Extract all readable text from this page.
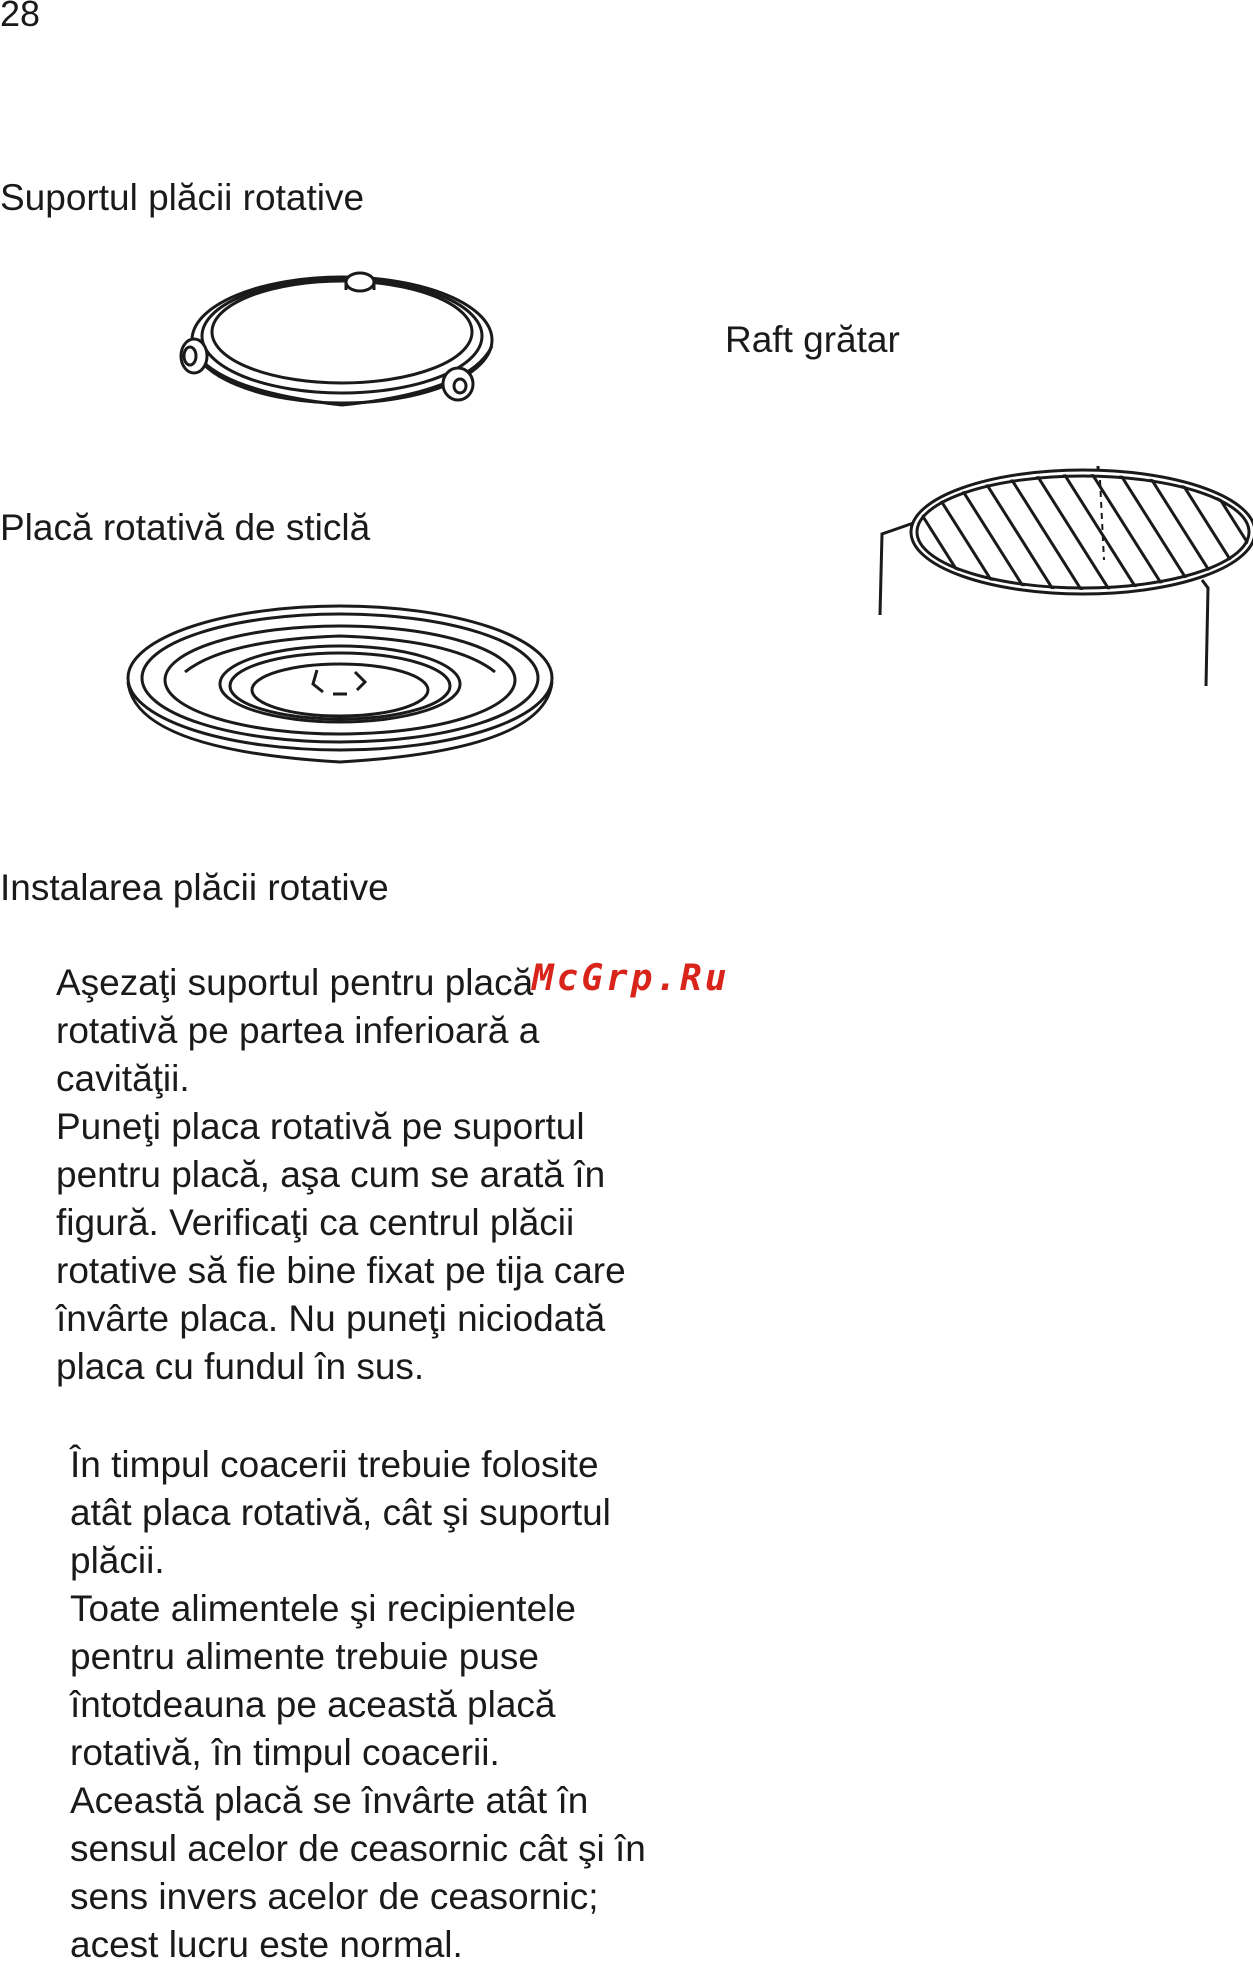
28
Suportul plăcii rotative
Raft grătar
Placă rotativă de sticlă
Instalarea plăcii rotative
Aşezaţi suportul pentru placă
rotativă pe partea inferioară a
cavităţii.
Puneţi placa rotativă pe suportul
pentru placă, aşa cum se arată în
figură. Verificaţi ca centrul plăcii
rotative să fie bine fixat pe tija care
învârte placa. Nu puneţi niciodată
placa cu fundul în sus.
McGrp.Ru
În timpul coacerii trebuie folosite
atât placa rotativă, cât şi suportul
plăcii.
Toate alimentele şi recipientele
pentru alimente trebuie puse
întotdeauna pe această placă
rotativă, în timpul coacerii.
Această placă se învârte atât în
sensul acelor de ceasornic cât şi în
sens invers acelor de ceasornic;
acest lucru este normal.
